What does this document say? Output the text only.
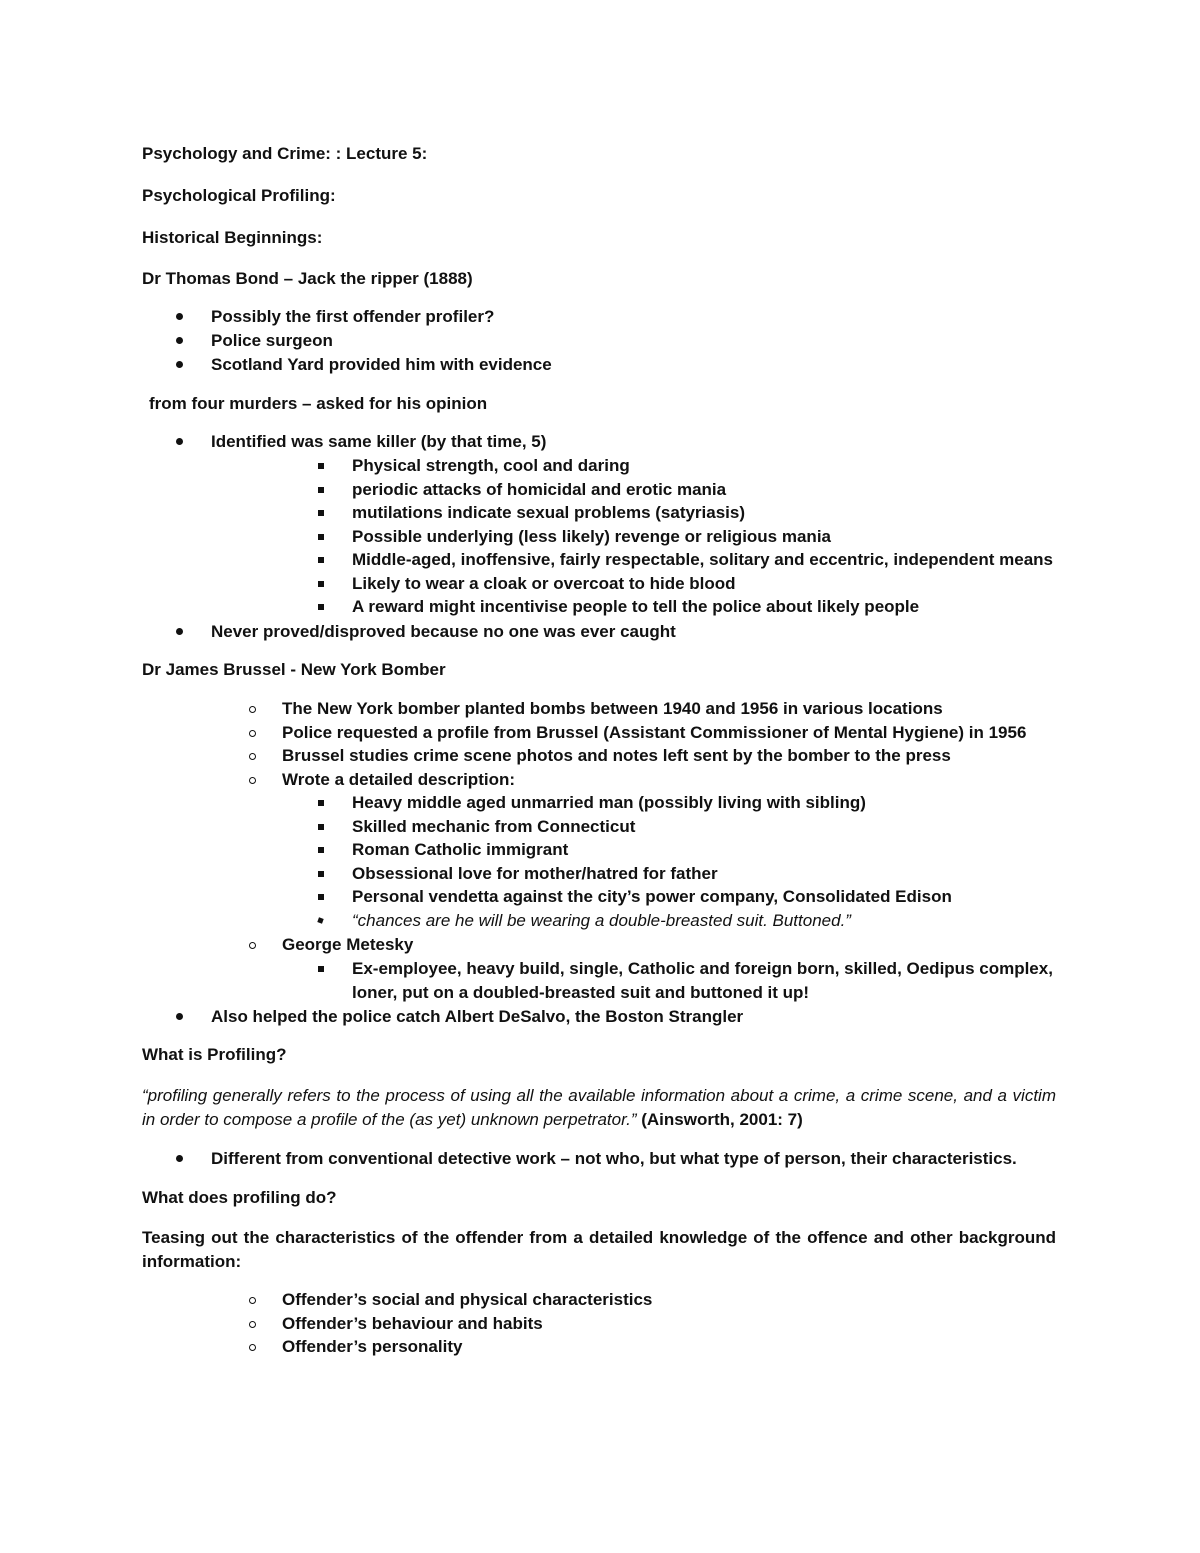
Psychology and Crime: : Lecture 5:
Psychological Profiling:
Historical Beginnings:
Dr Thomas Bond – Jack the ripper (1888)
Possibly the first offender profiler?
Police surgeon
Scotland Yard provided him with evidence
from four murders – asked for his opinion
Identified was same killer (by that time, 5)
Physical strength, cool and daring
periodic attacks of homicidal and erotic mania
mutilations indicate sexual problems (satyriasis)
Possible underlying (less likely) revenge or religious mania
Middle-aged, inoffensive, fairly respectable, solitary and eccentric, independent means
Likely to wear a cloak or overcoat to hide blood
A reward might incentivise people to tell the police about likely people
Never proved/disproved because no one was ever caught
Dr James Brussel - New York Bomber
The New York bomber planted bombs between 1940 and 1956 in various locations
Police requested a profile from Brussel (Assistant Commissioner of Mental Hygiene) in 1956
Brussel studies crime scene photos and notes left sent by the bomber to the press
Wrote a detailed description:
Heavy middle aged unmarried man (possibly living with sibling)
Skilled mechanic from Connecticut
Roman Catholic immigrant
Obsessional love for mother/hatred for father
Personal vendetta against the city’s power company, Consolidated Edison
“chances are he will be wearing a double-breasted suit. Buttoned.”
George Metesky
Ex-employee, heavy build, single, Catholic and foreign born, skilled, Oedipus complex,
loner, put on a doubled-breasted suit and buttoned it up!
Also helped the police catch Albert DeSalvo, the Boston Strangler
What is Profiling?
“profiling generally refers to the process of using all the available information about a crime, a crime scene, and a victim in order to compose a profile of the (as yet) unknown perpetrator.” (Ainsworth, 2001: 7)
Different from conventional detective work – not who, but what type of person, their characteristics.
What does profiling do?
Teasing out the characteristics of the offender from a detailed knowledge of the offence and other background information:
Offender’s social and physical characteristics
Offender’s behaviour and habits
Offender’s personality
